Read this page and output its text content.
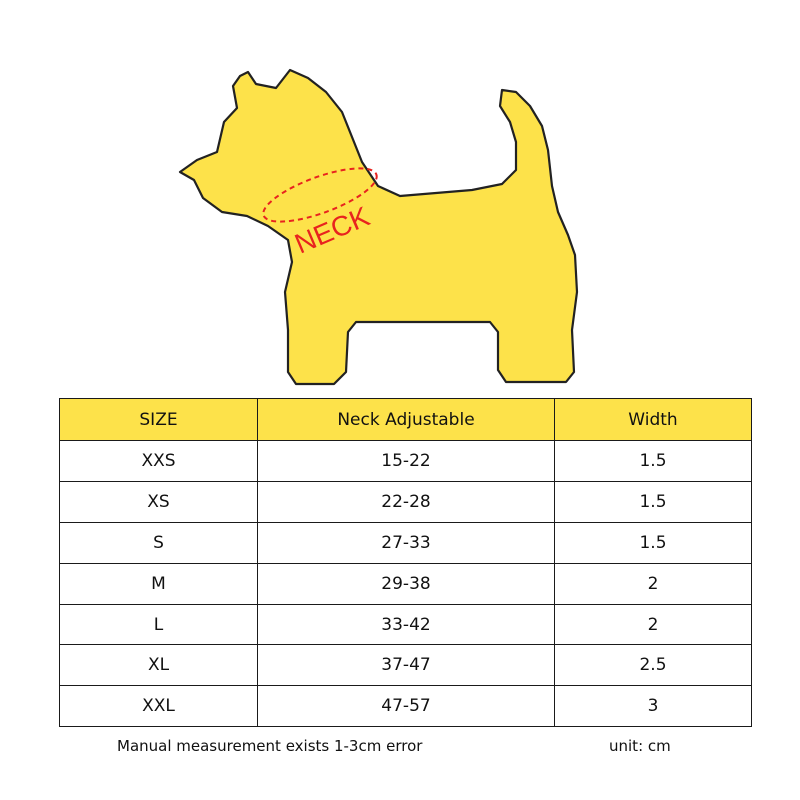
NECK
SIZE	Neck Adjustable	Width
XXS	15-22	1.5
XS	22-28	1.5
S	27-33	1.5
M	29-38	2
L	33-42	2
XL	37-47	2.5
XXL	47-57	3
Manual measurement exists 1-3cm error	unit: cm
